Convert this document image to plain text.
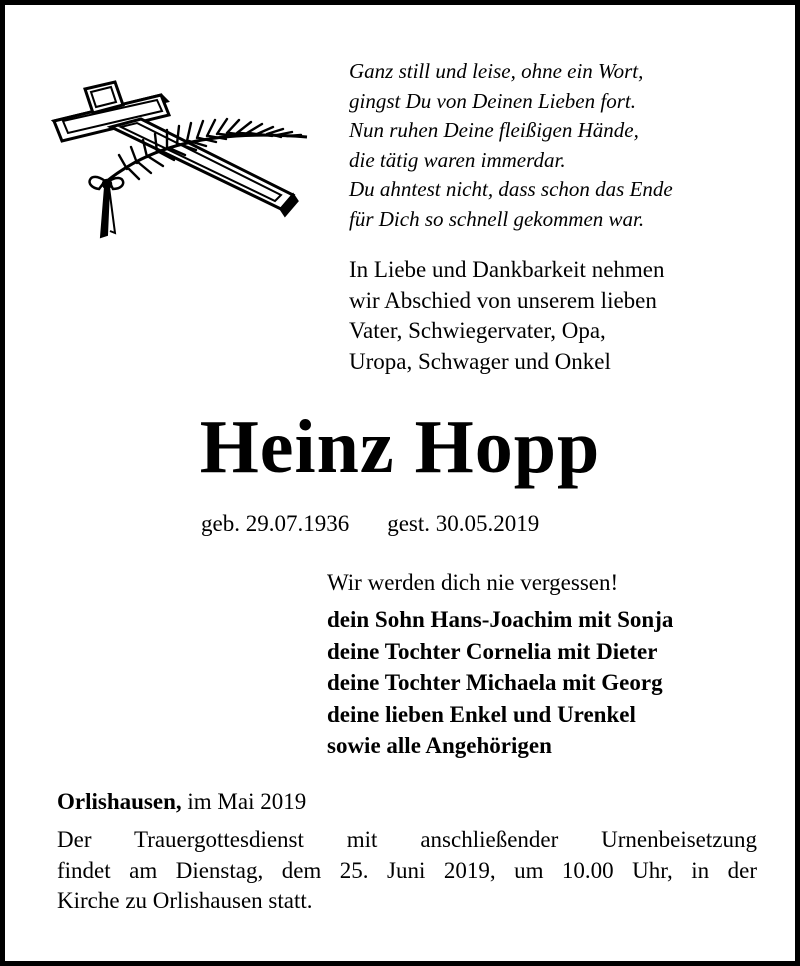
Ganz still und leise, ohne ein Wort,
gingst Du von Deinen Lieben fort.
Nun ruhen Deine fleißigen Hände,
die tätig waren immerdar.
Du ahntest nicht, dass schon das Ende
für Dich so schnell gekommen war.
In Liebe und Dankbarkeit nehmen
wir Abschied von unserem lieben
Vater, Schwiegervater, Opa,
Uropa, Schwager und Onkel
Heinz Hopp
geb. 29.07.1936 gest. 30.05.2019
Wir werden dich nie vergessen!
dein Sohn Hans-Joachim mit Sonja
deine Tochter Cornelia mit Dieter
deine Tochter Michaela mit Georg
deine lieben Enkel und Urenkel
sowie alle Angehörigen
Orlishausen, im Mai 2019
Der Trauergottesdienst mit anschließender Urnenbeisetzung
findet am Dienstag, dem 25. Juni 2019, um 10.00 Uhr, in der
Kirche zu Orlishausen statt.
